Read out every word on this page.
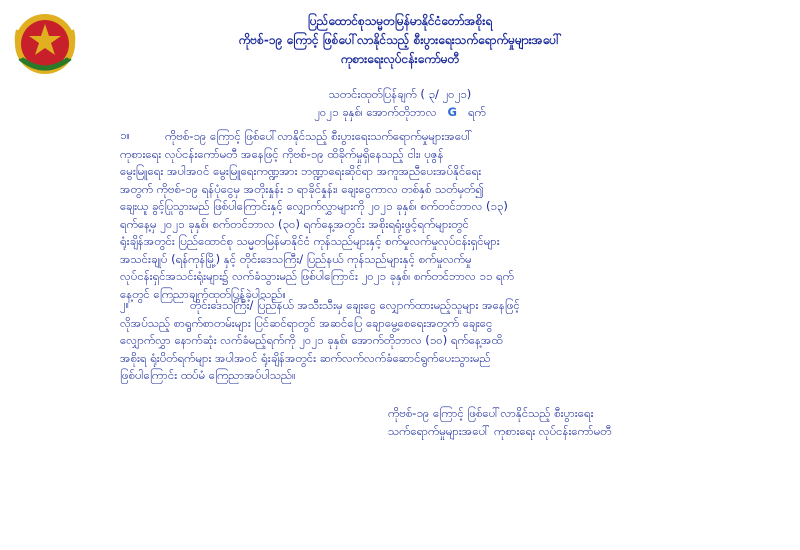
ပြည်ထောင်စုသမ္မတမြန်မာနိုင်ငံတော်အစိုးရ
ကိုဗစ်-၁၉ ကြောင့် ဖြစ်ပေါ်လာနိုင်သည့် စီးပွားရေးသက်ရောက်မှုများအပေါ်
ကုစားရေးလုပ်ငန်းကော်မတီ
သတင်းထုတ်ပြန်ချက် ( ၃/ ၂၀၂၁)
၂၀၂၁ ခုနှစ်၊ အောက်တိုဘာလ G ရက်
၁။	ကိုဗစ်-၁၉ ကြောင့် ဖြစ်ပေါ်လာနိုင်သည့် စီးပွားရေးသက်ရောက်မှုများအပေါ်
ကုစားရေး လုပ်ငန်းကော်မတီ အနေဖြင့် ကိုဗစ်-၁၉ ထိခိုက်မှုရှိနေသည့် ငါး၊ ပုဇွန်
မွေးမြူရေး အပါအဝင် မွေးမြူရေးကဏ္ဍအား ဘဏ္ဍာရေးဆိုင်ရာ အကူအညီပေးအပ်နိုင်ရေး
အတွက် ကိုဗစ်-၁၉ ရန်ပုံငွေမှ အတိုးနှုန်း ၁ ရာခိုင်နှုန်း၊ ချေးငွေကာလ တစ်နှစ် သတ်မှတ်၍
ချေးယူ ခွင့်ပြုသွားမည် ဖြစ်ပါကြောင်းနှင့် လျှောက်လွှာများကို ၂၀၂၁ ခုနှစ်၊ စက်တင်ဘာလ (၁၃)
ရက်နေ့မှ ၂၀၂၁ ခုနှစ်၊ စက်တင်ဘာလ (၃၀) ရက်နေ့အတွင်း အစိုးရရုံးဖွင့်ရက်များတွင်
ရုံးချိန်အတွင်း ပြည်ထောင်စု သမ္မတမြန်မာနိုင်ငံ ကုန်သည်များနှင့် စက်မှုလက်မှုလုပ်ငန်းရှင်များ
အသင်းချုပ် (ရန်ကုန်မြို့) နှင့် တိုင်းဒေသကြီး/ ပြည်နယ် ကုန်သည်များနှင့် စက်မှုလက်မှု
လုပ်ငန်းရှင်အသင်းရုံးများ၌ လက်ခံသွားမည် ဖြစ်ပါကြောင်း ၂၀၂၁ ခုနှစ်၊ စက်တင်ဘာလ ၁၁ ရက်
နေ့တွင် ကြေညာချက်ထုတ်ပြန်ခဲ့ပါသည်။
၂။	တိုင်းဒေသကြီး/ ပြည်နယ် အသီးသီးမှ ချေးငွေ လျှောက်ထားမည့်သူများ အနေဖြင့်
လိုအပ်သည့် စာရွက်စာတမ်းများ ပြင်ဆင်ရာတွင် အဆင်ပြေ ချောမွေ့စေရေးအတွက် ချေးငွေ
လျှောက်လွှာ နောက်ဆုံး လက်ခံမည့်ရက်ကို ၂၀၂၁ ခုနှစ်၊ အောက်တိုဘာလ (၁၀) ရက်နေ့အထိ
အစိုးရ ရုံးပိတ်ရက်များ အပါအဝင် ရုံးချိန်အတွင်း ဆက်လက်လက်ခံဆောင်ရွက်ပေးသွားမည်
ဖြစ်ပါကြောင်း ထပ်မံ ကြေညာအပ်ပါသည်။
ကိုဗစ်-၁၉ ကြောင့် ဖြစ်ပေါ်လာနိုင်သည့် စီးပွားရေး
သက်ရောက်မှုများအပေါ် ကုစားရေး လုပ်ငန်းကော်မတီ
